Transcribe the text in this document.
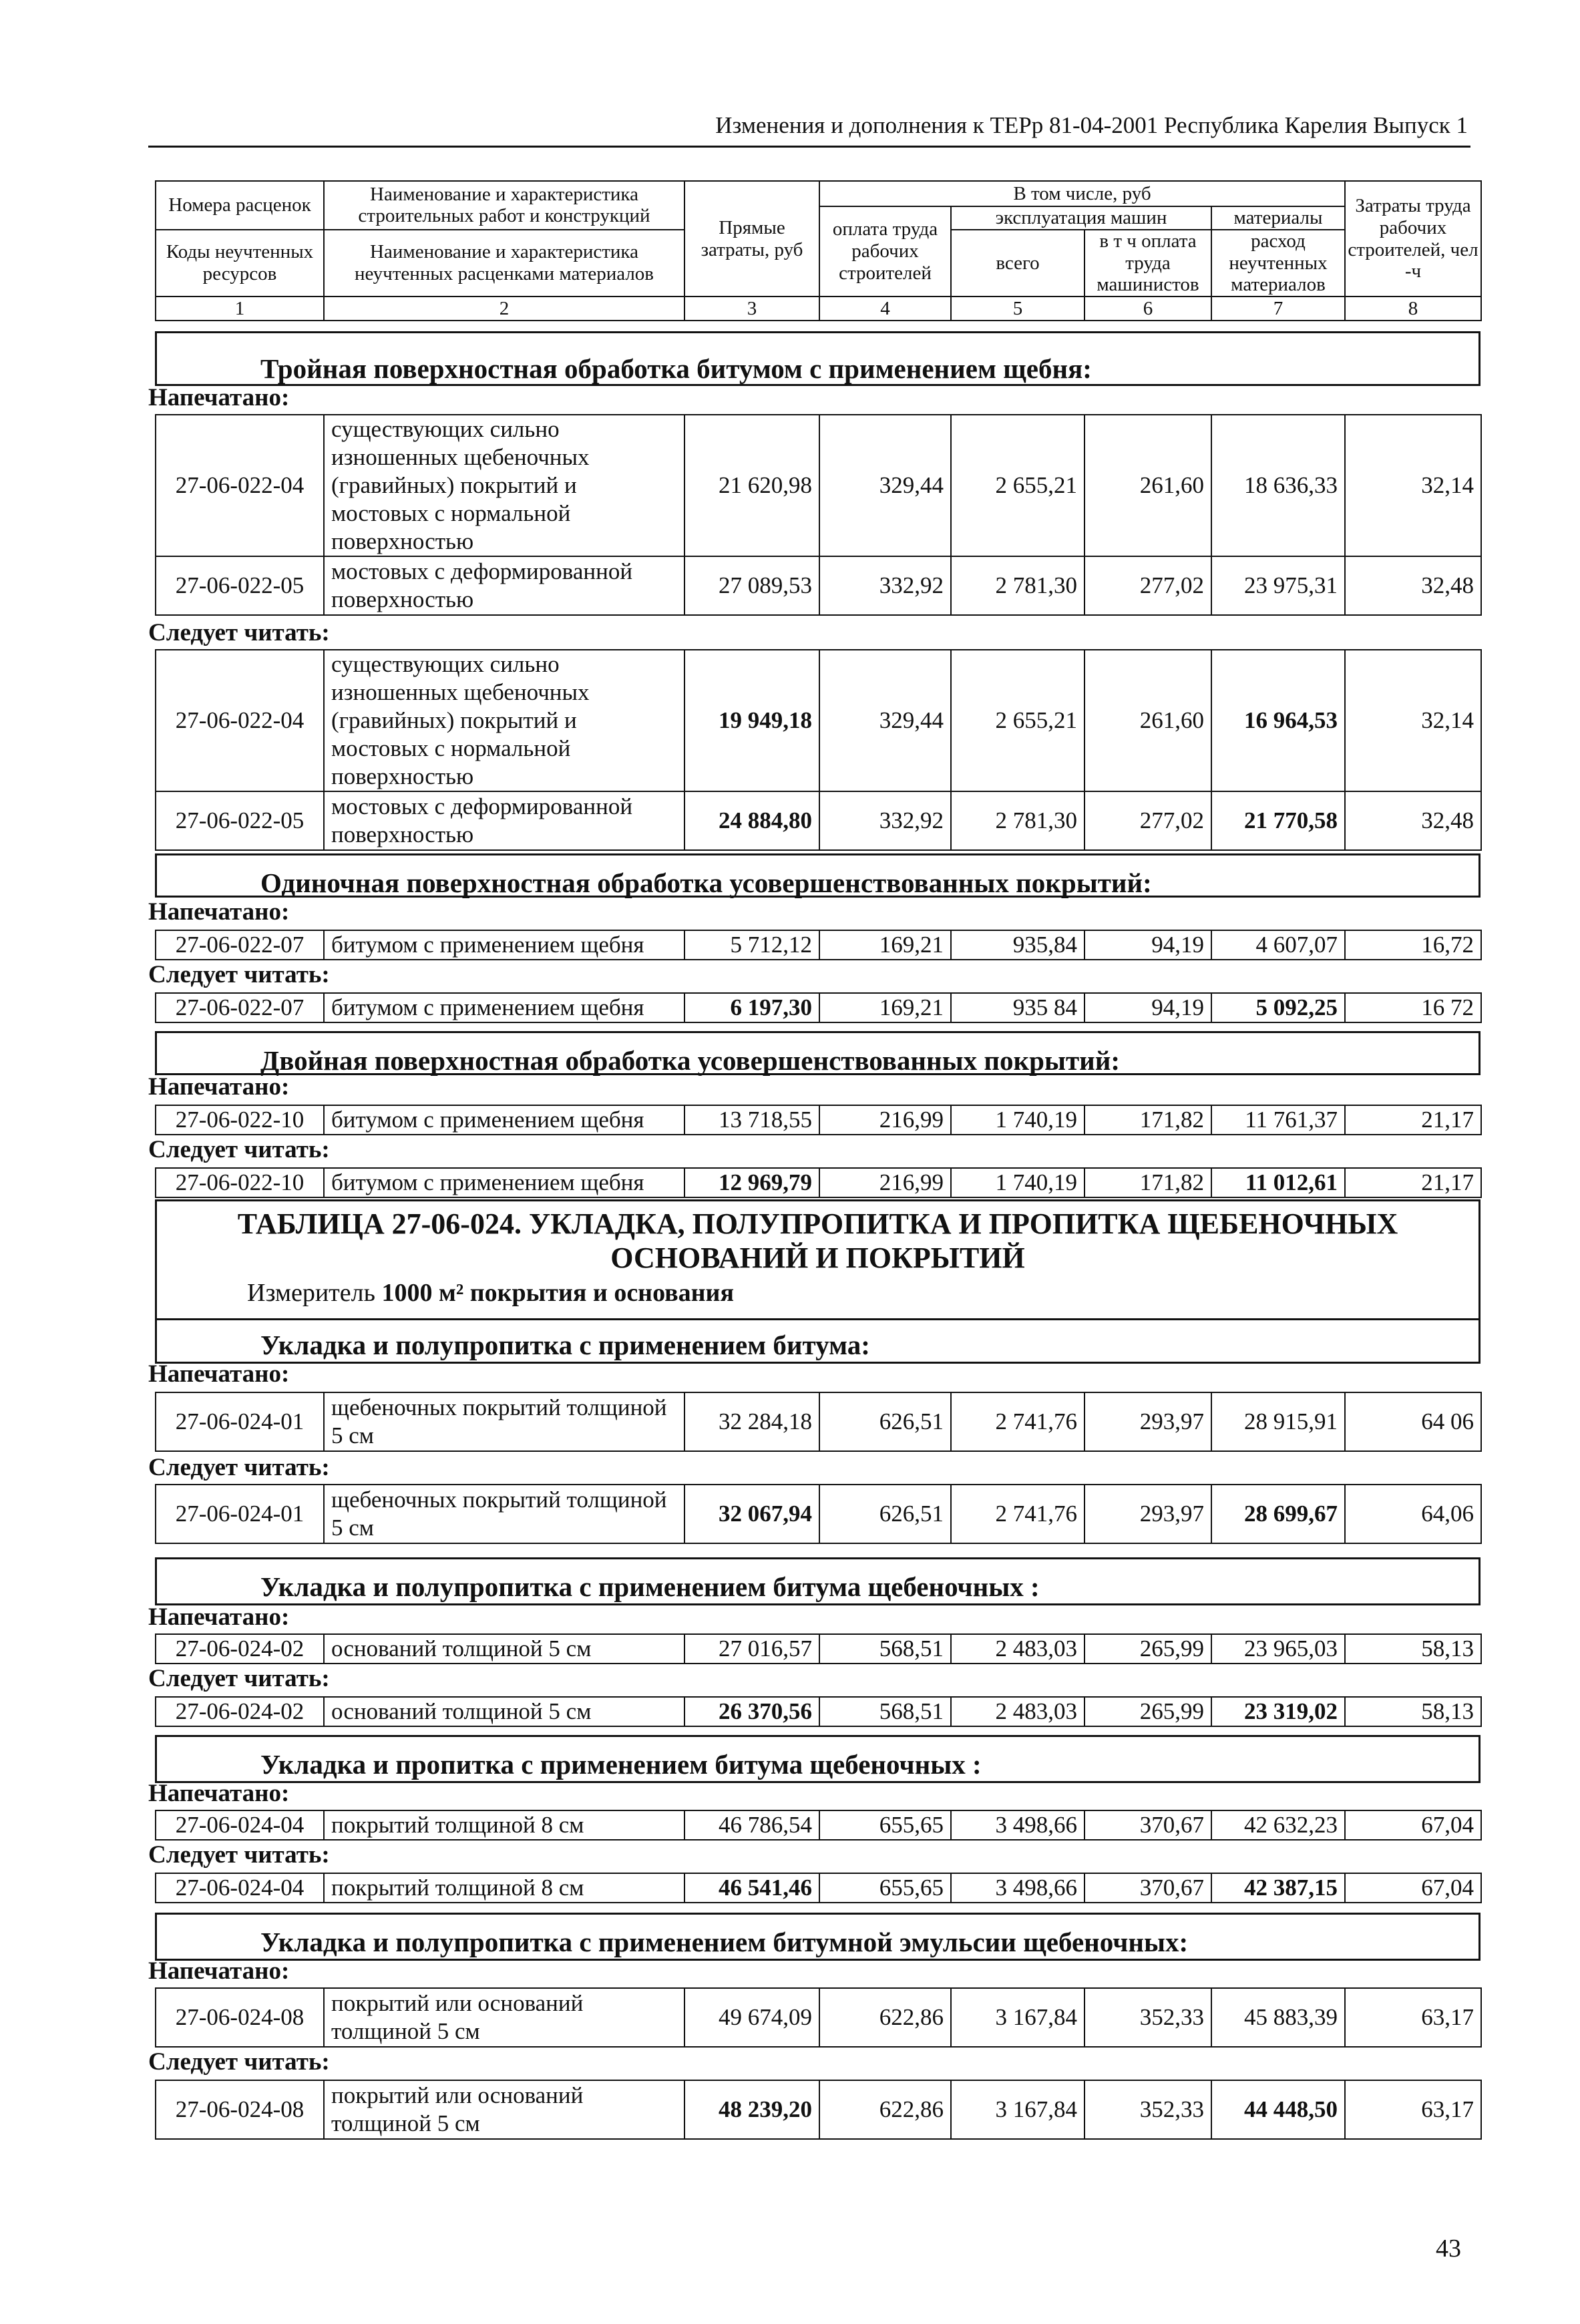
Изменения и дополнения к ТЕРр 81-04-2001 Республика Карелия Выпуск 1
Номера расценок	Наименование и характеристика строительных работ и конструкций	Прямые затраты, руб	В том числе, руб				Затраты труда рабочих строителей, чел -ч
			оплата труда рабочих строителей	эксплуатация машин		материалы	
Коды неучтенных ресурсов	Наименование и характеристика неучтенных расценками материалов			всего	в т ч оплата труда машинистов	расход неучтенных материалов	

1	2	3	4	5	6	7	8
Тройная поверхностная обработка битумом с применением щебня:
Напечатано:
27-06-022-04	существующих сильно изношенных щебеночных (гравийных) покрытий и мостовых с нормальной поверхностью	21 620,98	329,44	2 655,21	261,60	18 636,33	32,14
27-06-022-05	мостовых с деформированной поверхностью	27 089,53	332,92	2 781,30	277,02	23 975,31	32,48
Следует читать:
27-06-022-04	существующих сильно изношенных щебеночных (гравийных) покрытий и мостовых с нормальной поверхностью	19 949,18	329,44	2 655,21	261,60	16 964,53	32,14
27-06-022-05	мостовых с деформированной поверхностью	24 884,80	332,92	2 781,30	277,02	21 770,58	32,48
Одиночная поверхностная обработка усовершенствованных покрытий:
Напечатано:
27-06-022-07	битумом с применением щебня	5 712,12	169,21	935,84	94,19	4 607,07	16,72
Следует читать:
27-06-022-07	битумом с применением щебня	6 197,30	169,21	935 84	94,19	5 092,25	16 72
Двойная поверхностная обработка усовершенствованных покрытий:
Напечатано:
27-06-022-10	битумом с применением щебня	13 718,55	216,99	1 740,19	171,82	11 761,37	21,17
Следует читать:
27-06-022-10	битумом с применением щебня	12 969,79	216,99	1 740,19	171,82	11 012,61	21,17
ТАБЛИЦА 27-06-024. УКЛАДКА, ПОЛУПРОПИТКА И ПРОПИТКА ЩЕБЕНОЧНЫХ ОСНОВАНИЙ И ПОКРЫТИЙ
Измеритель 1000 м² покрытия и основания
Укладка и полупропитка с применением битума:
Напечатано:
27-06-024-01	щебеночных покрытий толщиной 5 см	32 284,18	626,51	2 741,76	293,97	28 915,91	64 06
Следует читать:
27-06-024-01	щебеночных покрытий толщиной 5 см	32 067,94	626,51	2 741,76	293,97	28 699,67	64,06
Укладка и полупропитка с применением битума щебеночных :
Напечатано:
27-06-024-02	оснований толщиной 5 см	27 016,57	568,51	2 483,03	265,99	23 965,03	58,13
Следует читать:
27-06-024-02	оснований толщиной 5 см	26 370,56	568,51	2 483,03	265,99	23 319,02	58,13
Укладка и пропитка с применением битума щебеночных :
Напечатано:
27-06-024-04	покрытий толщиной 8 см	46 786,54	655,65	3 498,66	370,67	42 632,23	67,04
Следует читать:
27-06-024-04	покрытий толщиной 8 см	46 541,46	655,65	3 498,66	370,67	42 387,15	67,04
Укладка и полупропитка с применением битумной эмульсии щебеночных:
Напечатано:
27-06-024-08	покрытий или оснований толщиной 5 см	49 674,09	622,86	3 167,84	352,33	45 883,39	63,17
Следует читать:
27-06-024-08	покрытий или оснований толщиной 5 см	48 239,20	622,86	3 167,84	352,33	44 448,50	63,17
43
